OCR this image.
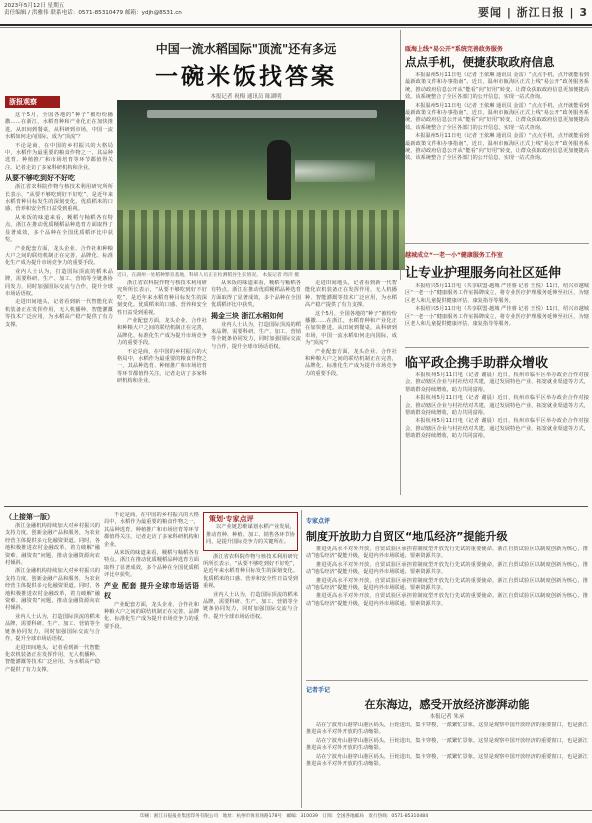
2023年5月12日 星期五
责任编辑 / 洪雅伟 联系电话：0571-85310479 邮箱：ydjh@8531.cn	要闻 | 浙江日报 | 3
中国一流水稻国际"顶流"还有多远
一碗米饭找答案
本报记者 祝梅 通讯员 陈湖明
浙报观察

这个5月，全国各地的“种子”被纷纷播撒……在浙江，水稻育种和产业化正在加快推进。从田间到餐桌，从科研到市场，中国一流水稻如何走向国际，成为“顶流”？

不论是商，在中国的乡村振兴的大格局中，水稻作为最重要的粮食作物之一，其品种选育、种植推广和市场培育等环节都值得关注。记者走访了多家科研机构和企业。

从要不够吃到好不好吃

浙江省农科院作物与核技术利用研究所所长表示，“从要不够吃到好不好吃”，是近年来水稻育种目标发生的深刻变化。优质稻米的口感、营养和安全性日益受到重视。

从米饭的味道来看，粳稻与籼稻各有特点。浙江在推动优质粳稻品种选育方面取得了显著成效，多个品种在全国优质稻评比中获奖。

产业配套方面，龙头企业、合作社和种粮大户之间的联结机制正在完善，品牌化、标准化生产成为提升市场竞争力的重要手段。

业内人士认为，打造国际顶流的稻米品牌，需要科研、生产、加工、营销等全链条协同发力，同时加强国际交流与合作，提升全球市场话语权。

走进田间地头，记者看到新一代智能化农机装备正在发挥作用，无人机播种、智能灌溉等技术广泛应用，为水稻高产稳产提供了有力支撑。

近日，在湖州一处稻种繁育基地，科研人员正在检测稻谷生长情况。 本报记者 周洋 摄

浙江省农科院作物与核技术利用研究所所长表示，“从要不够吃到好不好吃”，是近年来水稻育种目标发生的深刻变化。优质稻米的口感、营养和安全性日益受到重视。

产业配套方面，龙头企业、合作社和种粮大户之间的联结机制正在完善，品牌化、标准化生产成为提升市场竞争力的重要手段。

不论是商，在中国的乡村振兴的大格局中，水稻作为最重要的粮食作物之一，其品种选育、种植推广和市场培育等环节都值得关注。记者走访了多家科研机构和企业。

从米饭的味道来看，粳稻与籼稻各有特点。浙江在推动优质粳稻品种选育方面取得了显著成效，多个品种在全国优质稻评比中获奖。

揭金三块 浙江水稻如何

业内人士认为，打造国际顶流的稻米品牌，需要科研、生产、加工、营销等全链条协同发力，同时加强国际交流与合作，提升全球市场话语权。

走进田间地头，记者看到新一代智能化农机装备正在发挥作用，无人机播种、智能灌溉等技术广泛应用，为水稻高产稳产提供了有力支撑。

这个5月，全国各地的“种子”被纷纷播撒……在浙江，水稻育种和产业化正在加快推进。从田间到餐桌，从科研到市场，中国一流水稻如何走向国际，成为“顶流”？

产业配套方面，龙头企业、合作社和种粮大户之间的联结机制正在完善，品牌化、标准化生产成为提升市场竞争力的重要手段。

瓯海上线“易公开”系统完善政务服务
点点手机，便捷获取政府信息

本报温州5月11日电（记者 王依琳 通讯员 金雷）“点点手机，点开就能看到最新政策文件和办事指南”。近日，温州市瓯海区正式上线“易公开”政务服务系统，推动政府信息公开从“能看”向“好用”转变，让群众获取政府信息更加便捷高效。该系统整合了全区各部门的公开信息，实现一站式查询。

本报温州5月11日电（记者 王依琳 通讯员 金雷）“点点手机，点开就能看到最新政策文件和办事指南”。近日，温州市瓯海区正式上线“易公开”政务服务系统，推动政府信息公开从“能看”向“好用”转变，让群众获取政府信息更加便捷高效。该系统整合了全区各部门的公开信息，实现一站式查询。

本报温州5月11日电（记者 王依琳 通讯员 金雷）“点点手机，点开就能看到最新政策文件和办事指南”。近日，温州市瓯海区正式上线“易公开”政务服务系统，推动政府信息公开从“能看”向“好用”转变，让群众获取政府信息更加便捷高效。该系统整合了全区各部门的公开信息，实现一站式查询。

越城成立“一老一小”健康服务工作室
让专业护理服务向社区延伸

本报绍兴5月11日电（共享联盟·越城 严佳睿 记者 王悦）11日，绍兴市越城区“一老一小”健康服务工作室揭牌成立，将专业医疗护理服务延伸至社区，为辖区老人和儿童提供健康评估、康复指导等服务。

本报绍兴5月11日电（共享联盟·越城 严佳睿 记者 王悦）11日，绍兴市越城区“一老一小”健康服务工作室揭牌成立，将专业医疗护理服务延伸至社区，为辖区老人和儿童提供健康评估、康复指导等服务。

临平政企携手助群众增收

本报杭州5月11日电（记者 谢晨）近日，杭州市临平区举办政企合作对接会，推动辖区企业与村社结对共建，通过发展特色产业、拓宽就业渠道等方式，帮助群众持续增收，助力共同富裕。

本报杭州5月11日电（记者 谢晨）近日，杭州市临平区举办政企合作对接会，推动辖区企业与村社结对共建，通过发展特色产业、拓宽就业渠道等方式，帮助群众持续增收，助力共同富裕。

本报杭州5月11日电（记者 谢晨）近日，杭州市临平区举办政企合作对接会，推动辖区企业与村社结对共建，通过发展特色产业、拓宽就业渠道等方式，帮助群众持续增收，助力共同富裕。

（上接第一版）

浙江金融机构持续加大对乡村振兴的支持力度，创新金融产品和服务，为农业经营主体提供多元化融资渠道。同时，各地积极推进农村金融改革，着力破解“融资难、融资贵”问题，推动金融资源向农村倾斜。

浙江金融机构持续加大对乡村振兴的支持力度，创新金融产品和服务，为农业经营主体提供多元化融资渠道。同时，各地积极推进农村金融改革，着力破解“融资难、融资贵”问题，推动金融资源向农村倾斜。

业内人士认为，打造国际顶流的稻米品牌，需要科研、生产、加工、营销等全链条协同发力，同时加强国际交流与合作，提升全球市场话语权。

走进田间地头，记者看到新一代智能化农机装备正在发挥作用，无人机播种、智能灌溉等技术广泛应用，为水稻高产稳产提供了有力支撑。

不论是商，在中国的乡村振兴的大格局中，水稻作为最重要的粮食作物之一，其品种选育、种植推广和市场培育等环节都值得关注。记者走访了多家科研机构和企业。

从米饭的味道来看，粳稻与籼稻各有特点。浙江在推动优质粳稻品种选育方面取得了显著成效，多个品种在全国优质稻评比中获奖。

产业 配套 提升全球市场话语权

产业配套方面，龙头企业、合作社和种粮大户之间的联结机制正在完善，品牌化、标准化生产成为提升市场竞争力的重要手段。

策划·专家点评

以产业链思维谋划水稻产业发展，推动育种、种植、加工、销售各环节协同，是提升国际竞争力的关键所在。

浙江省农科院作物与核技术利用研究所所长表示，“从要不够吃到好不好吃”，是近年来水稻育种目标发生的深刻变化。优质稻米的口感、营养和安全性日益受到重视。

业内人士认为，打造国际顶流的稻米品牌，需要科研、生产、加工、营销等全链条协同发力，同时加强国际交流与合作，提升全球市场话语权。

专家点评
制度开放助力自贸区“地瓜经济”提能升级

推进更高水平对外开放，自贸试验区承担着制度型开放先行先试的重要使命。浙江自贸试验区以制度创新为核心，推动“地瓜经济”提能升级，促进内外市场联通、要素资源共享。

推进更高水平对外开放，自贸试验区承担着制度型开放先行先试的重要使命。浙江自贸试验区以制度创新为核心，推动“地瓜经济”提能升级，促进内外市场联通、要素资源共享。

推进更高水平对外开放，自贸试验区承担着制度型开放先行先试的重要使命。浙江自贸试验区以制度创新为核心，推动“地瓜经济”提能升级，促进内外市场联通、要素资源共享。

推进更高水平对外开放，自贸试验区承担着制度型开放先行先试的重要使命。浙江自贸试验区以制度创新为核心，推动“地瓜经济”提能升级，促进内外市场联通、要素资源共享。

记者手记
在东海边，感受开放经济澎湃动能
本报记者 朱承

站在宁波舟山港穿山港区码头，巨轮进出，集卡穿梭，一派繁忙景象。这里是观察中国开放经济的重要窗口，也是浙江推进高水平对外开放的生动缩影。

站在宁波舟山港穿山港区码头，巨轮进出，集卡穿梭，一派繁忙景象。这里是观察中国开放经济的重要窗口，也是浙江推进高水平对外开放的生动缩影。

站在宁波舟山港穿山港区码头，巨轮进出，集卡穿梭，一派繁忙景象。这里是观察中国开放经济的重要窗口，也是浙江推进高水平对外开放的生动缩影。

印刷：浙江日报报业集团印务有限公司　地址：杭州市体育场路178号　邮编：310039　订阅：全国各地邮局　发行热线：0571-85310484
